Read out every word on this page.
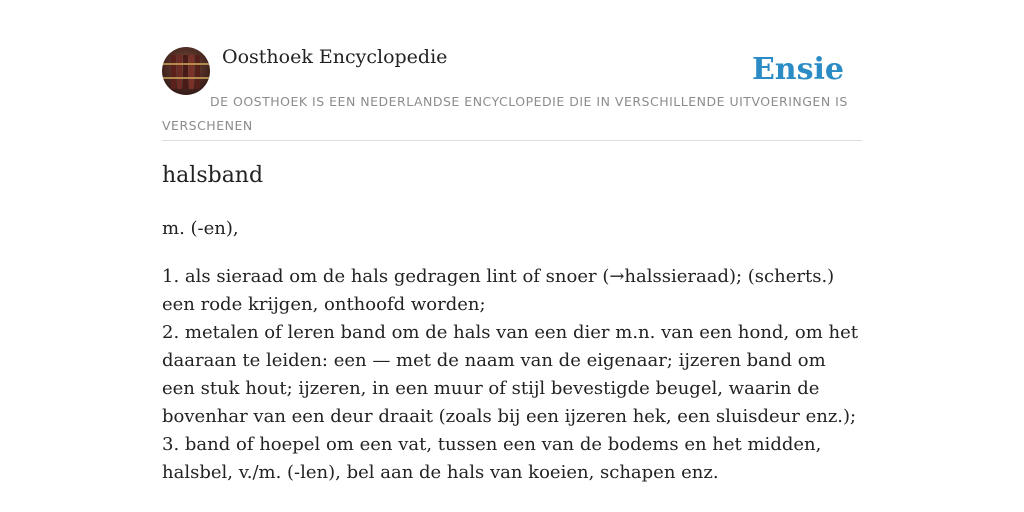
Oosthoek Encyclopedie	Ensie
DE OOSTHOEK IS EEN NEDERLANDSE ENCYCLOPEDIE DIE IN VERSCHILLENDE UITVOERINGEN IS VERSCHENEN
halsband
m. (-en),

1. als sieraad om de hals gedragen lint of snoer (→halssieraad); (scherts.) een rode krijgen, onthoofd worden;

2. metalen of leren band om de hals van een dier m.n. van een hond, om het daaraan te leiden: een — met de naam van de eigenaar; ijzeren band om een stuk hout; ijzeren, in een muur of stijl bevestigde beugel, waarin de bovenhar van een deur draait (zoals bij een ijzeren hek, een sluisdeur enz.);

3. band of hoepel om een vat, tussen een van de bodems en het midden, halsbel, v./m. (-len), bel aan de hals van koeien, schapen enz.
